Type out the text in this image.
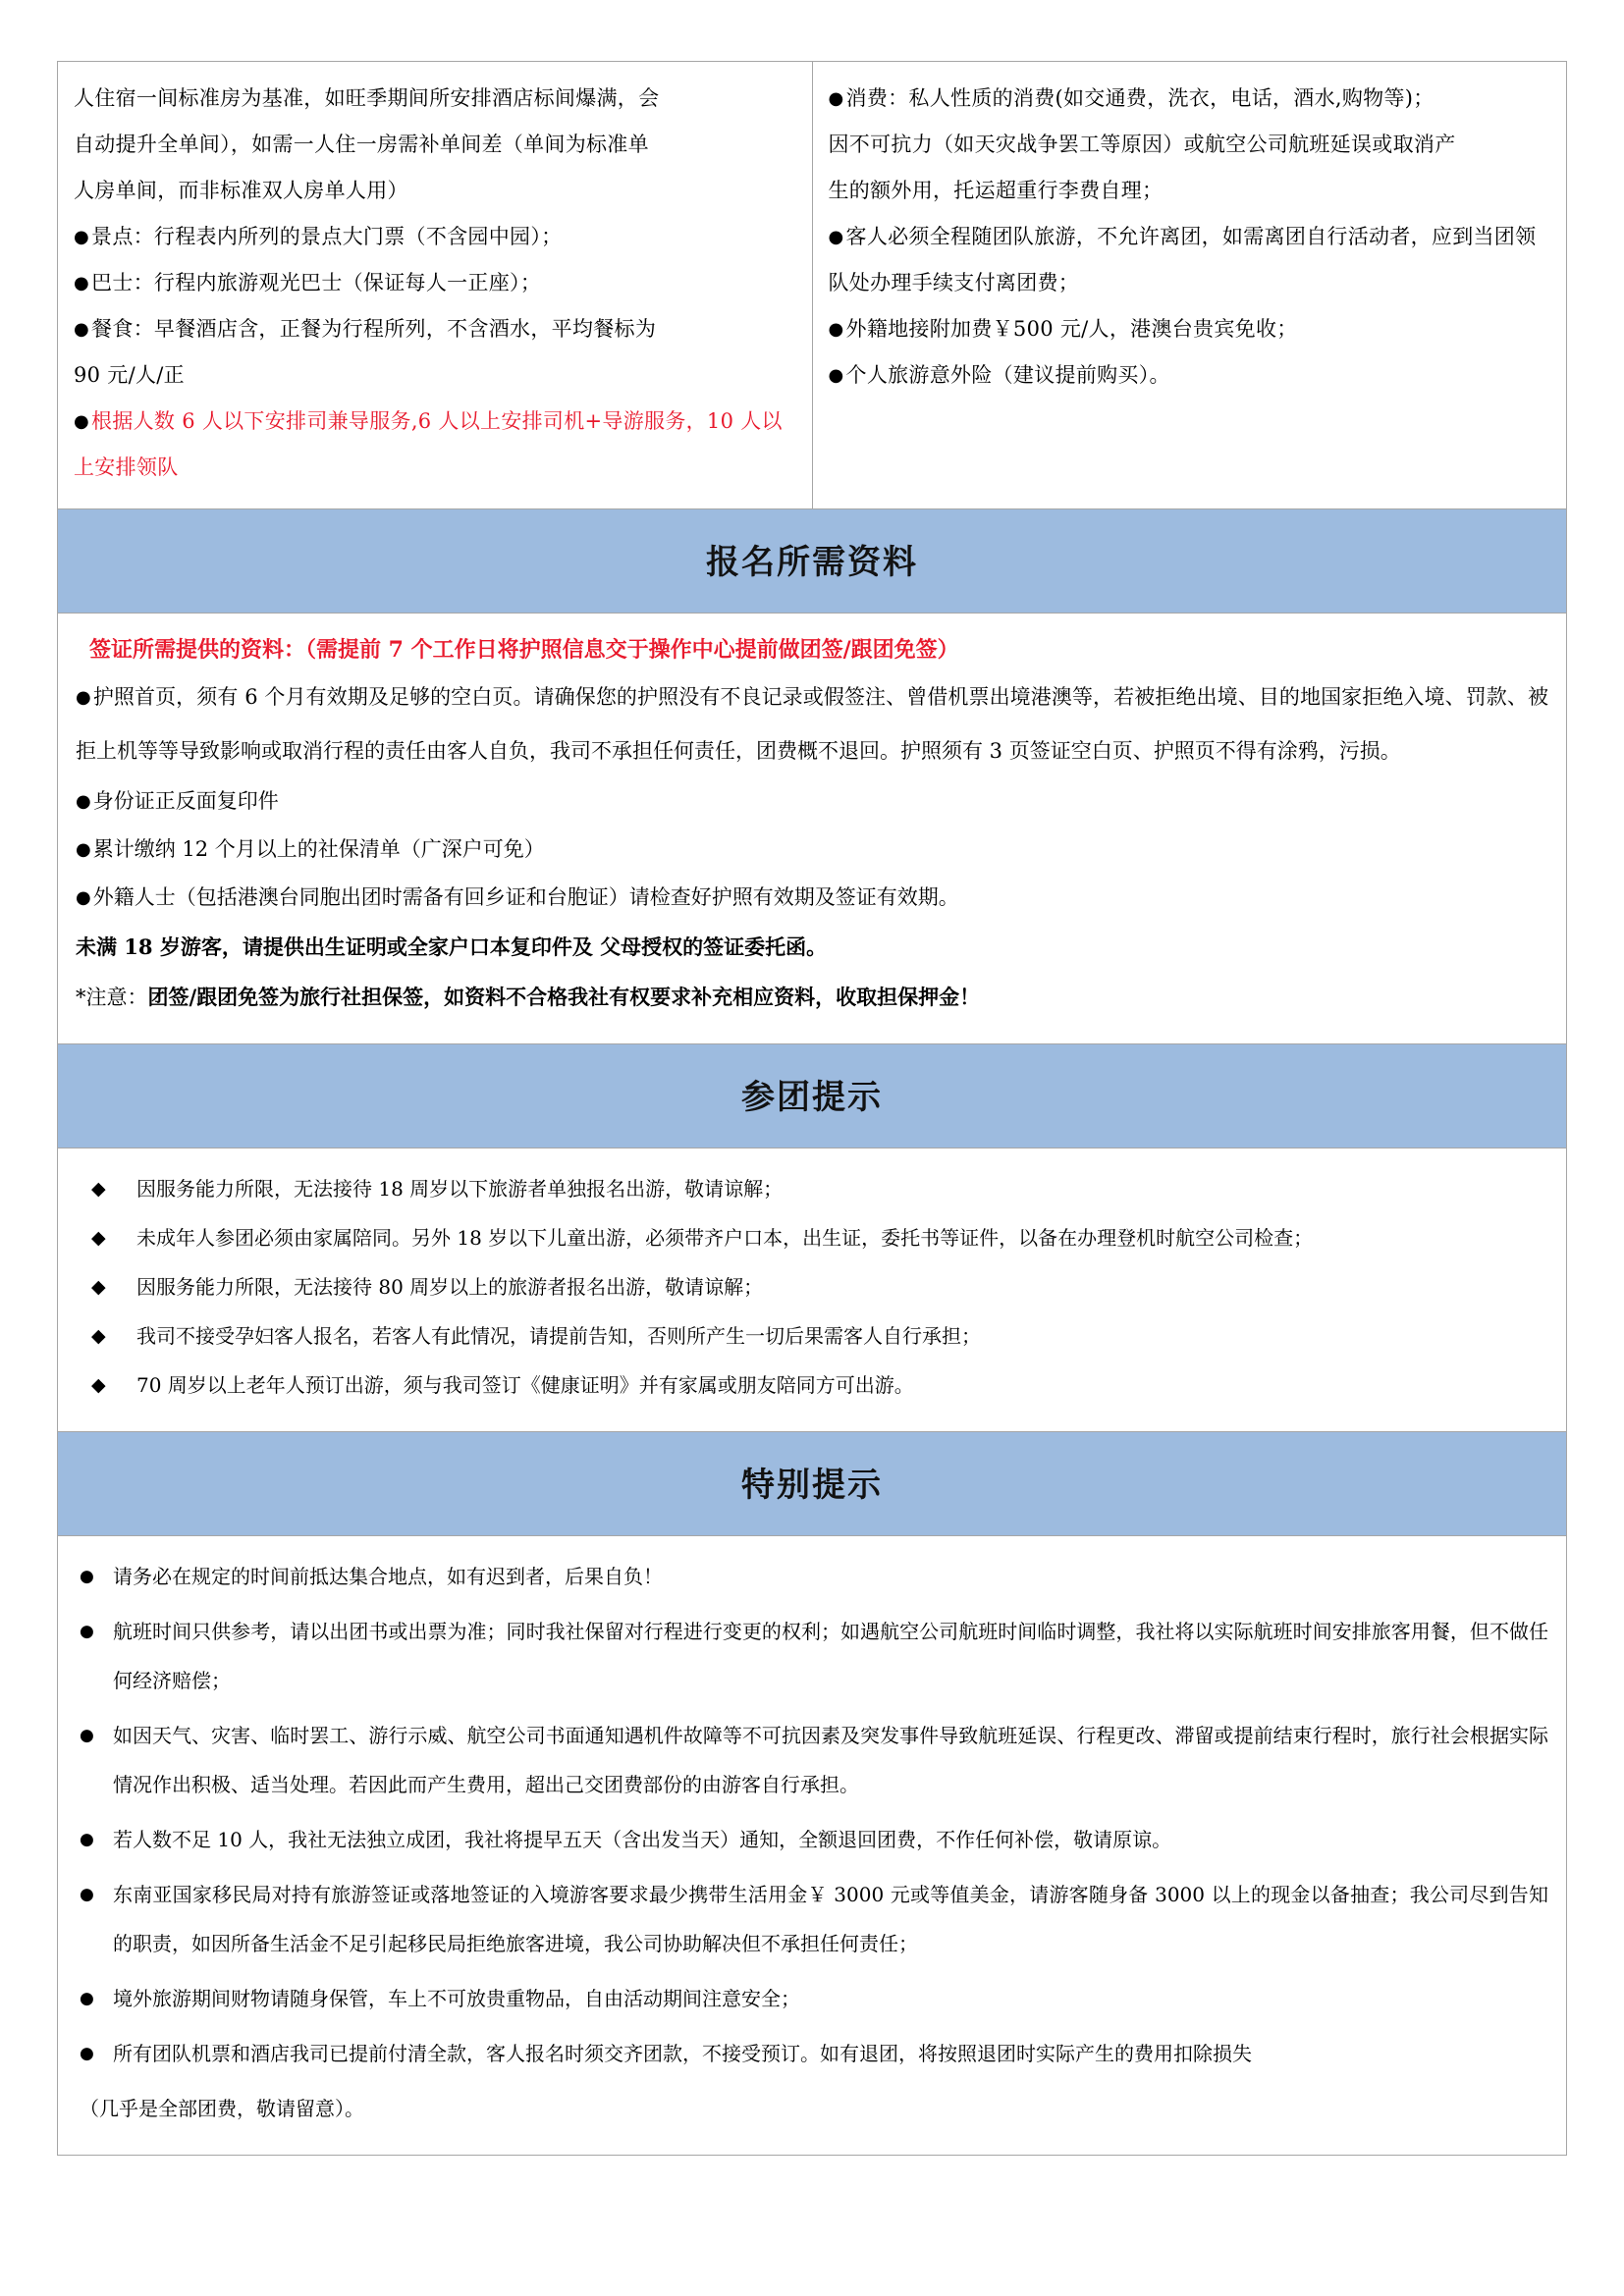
人住宿一间标准房为基准，如旺季期间所安排酒店标间爆满，会
自动提升全单间），如需一人住一房需补单间差（单间为标准单
人房单间，而非标准双人房单人用）
● 景点：行程表内所列的景点大门票（不含园中园）；
● 巴士：行程内旅游观光巴士（保证每人一正座）；
● 餐食：早餐酒店含，正餐为行程所列，不含酒水，平均餐标为
90 元/人/正
● 根据人数 6 人以下安排司兼导服务,6 人以上安排司机+导游服务，10 人以上安排领队

● 消费：私人性质的消费(如交通费，洗衣，电话，酒水,购物等)；
因不可抗力（如天灾战争罢工等原因）或航空公司航班延误或取消产
生的额外用，托运超重行李费自理；
● 客人必须全程随团队旅游，不允许离团，如需离团自行活动者，应到当团领队处办理手续支付离团费；
● 外籍地接附加费￥500 元/人，港澳台贵宾免收；
● 个人旅游意外险（建议提前购买）。
报名所需资料
签证所需提供的资料：（需提前 7 个工作日将护照信息交于操作中心提前做团签/跟团免签）
● 护照首页，须有 6 个月有效期及足够的空白页。请确保您的护照没有不良记录或假签注、曾借机票出境港澳等，若被拒绝出境、目的地国家拒绝入境、罚款、被拒上机等等导致影响或取消行程的责任由客人自负，我司不承担任何责任，团费概不退回。护照须有 3 页签证空白页、护照页不得有涂鸦，污损。
● 身份证正反面复印件
● 累计缴纳 12 个月以上的社保清单（广深户可免）
● 外籍人士（包括港澳台同胞出团时需备有回乡证和台胞证）请检查好护照有效期及签证有效期。
未满 18 岁游客，请提供出生证明或全家户口本复印件及 父母授权的签证委托函。
*注意：团签/跟团免签为旅行社担保签，如资料不合格我社有权要求补充相应资料，收取担保押金！
参团提示
◆	因服务能力所限，无法接待 18 周岁以下旅游者单独报名出游，敬请谅解；
◆	未成年人参团必须由家属陪同。另外 18 岁以下儿童出游，必须带齐户口本，出生证，委托书等证件，以备在办理登机时航空公司检查；
◆	因服务能力所限，无法接待 80 周岁以上的旅游者报名出游，敬请谅解；
◆	我司不接受孕妇客人报名，若客人有此情况，请提前告知，否则所产生一切后果需客人自行承担；
◆	70 周岁以上老年人预订出游，须与我司签订《健康证明》并有家属或朋友陪同方可出游。
特别提示
● 请务必在规定的时间前抵达集合地点，如有迟到者，后果自负！
● 航班时间只供参考，请以出团书或出票为准；同时我社保留对行程进行变更的权利；如遇航空公司航班时间临时调整，我社将以实际航班时间安排旅客用餐，但不做任何经济赔偿；
● 如因天气、灾害、临时罢工、游行示威、航空公司书面通知遇机件故障等不可抗因素及突发事件导致航班延误、行程更改、滞留或提前结束行程时，旅行社会根据实际情况作出积极、适当处理。若因此而产生费用，超出己交团费部份的由游客自行承担。
● 若人数不足 10 人，我社无法独立成团，我社将提早五天（含出发当天）通知，全额退回团费，不作任何补偿，敬请原谅。
● 东南亚国家移民局对持有旅游签证或落地签证的入境游客要求最少携带生活用金￥ 3000 元或等值美金，请游客随身备 3000 以上的现金以备抽查；我公司尽到告知的职责，如因所备生活金不足引起移民局拒绝旅客进境，我公司协助解决但不承担任何责任；
● 境外旅游期间财物请随身保管，车上不可放贵重物品，自由活动期间注意安全；
● 所有团队机票和酒店我司已提前付清全款，客人报名时须交齐团款，不接受预订。如有退团，将按照退团时实际产生的费用扣除损失
（几乎是全部团费，敬请留意）。
